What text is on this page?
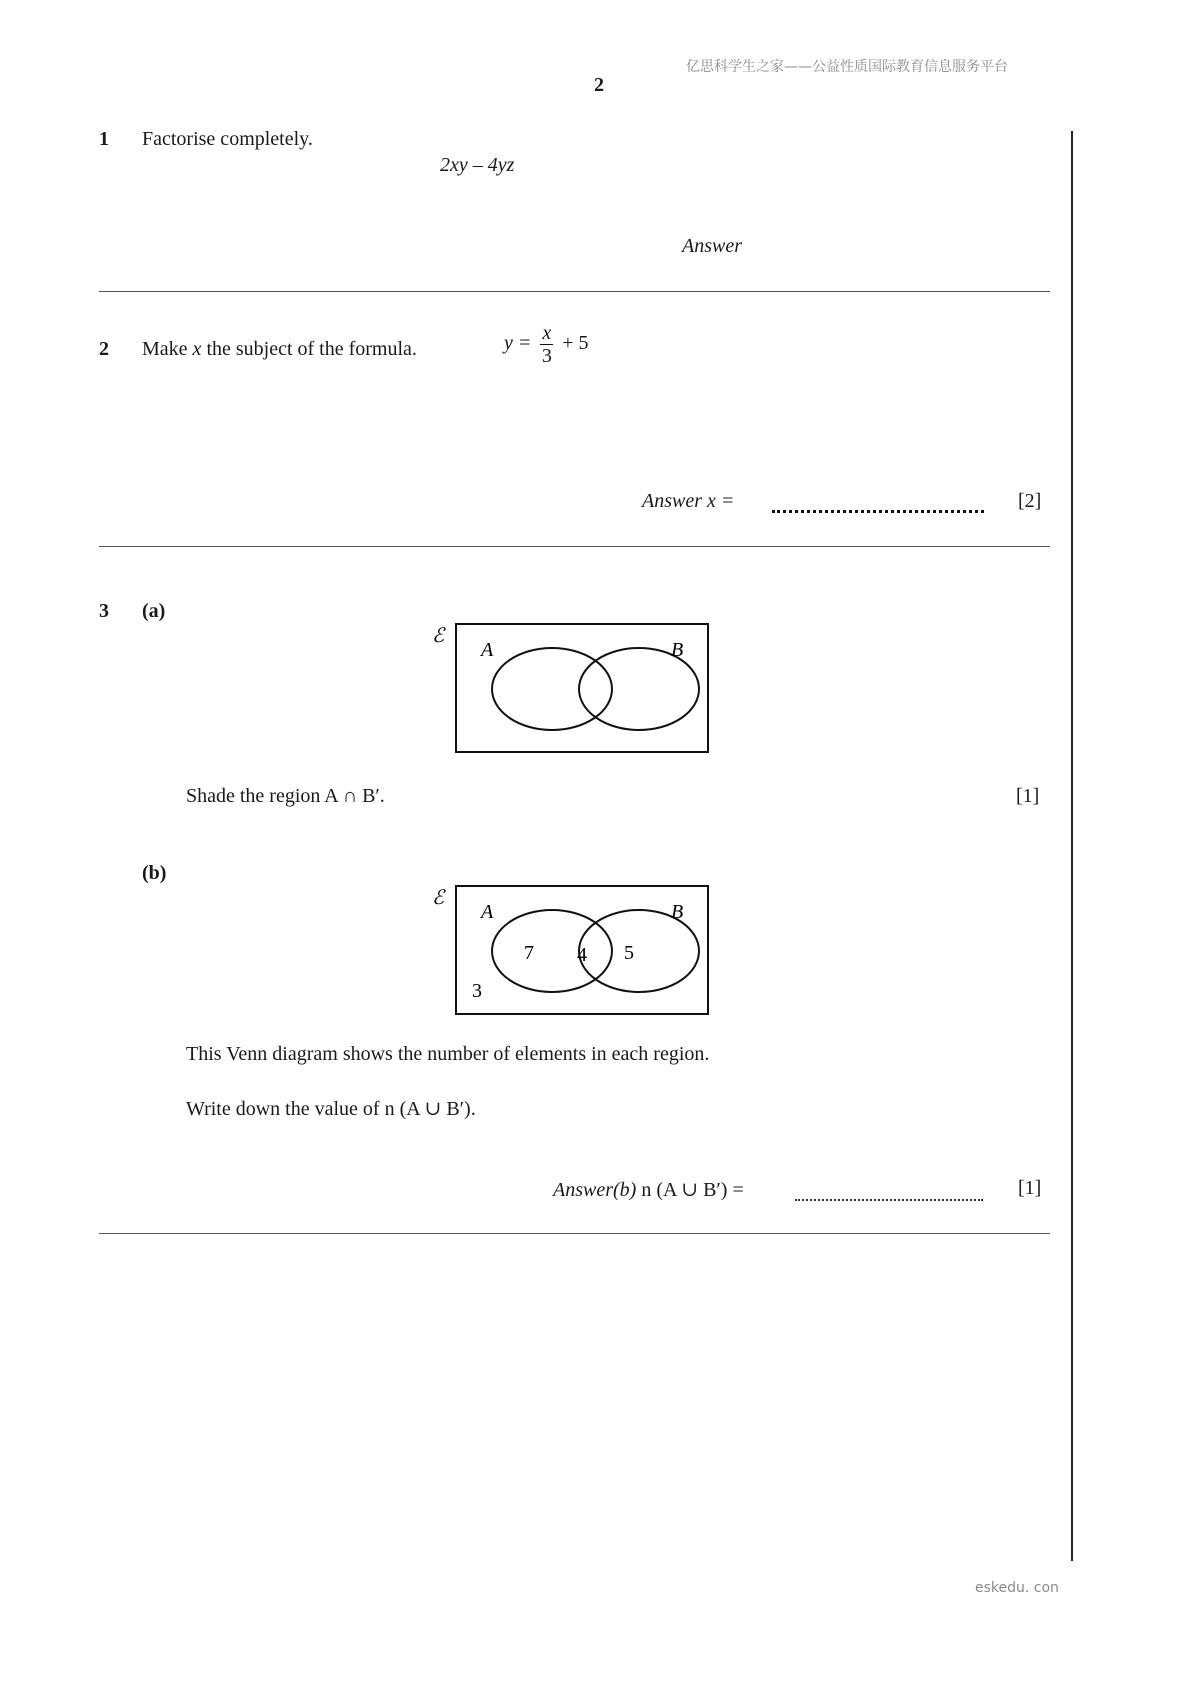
亿思科学生之家——公益性质国际教育信息服务平台
2
1 Factorise completely.
2xy – 4yz
Answer
2 Make x the subject of the formula.	$y = \frac{x}{3} + 5$
Answer x =	[2]
3 (a)
ℰ
A	B
Shade the region A ∩ B′.	[1]
(b)
ℰ
A	B
7 4 5
3
This Venn diagram shows the number of elements in each region.
Write down the value of n (A ∪ B′).
Answer(b) n (A ∪ B′) =	[1]
eskedu. con
